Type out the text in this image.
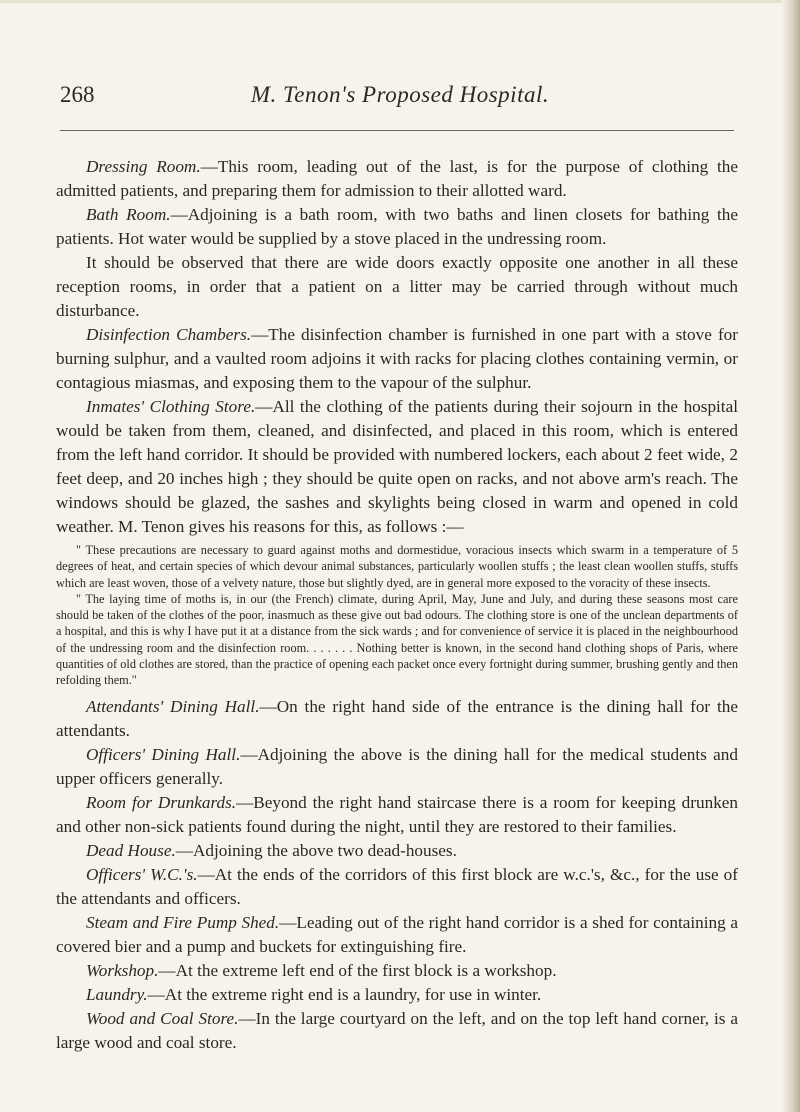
268	M. Tenon's Proposed Hospital.

Dressing Room.—This room, leading out of the last, is for the purpose of clothing the admitted patients, and preparing them for admission to their allotted ward.

Bath Room.—Adjoining is a bath room, with two baths and linen closets for bathing the patients. Hot water would be supplied by a stove placed in the undressing room.

It should be observed that there are wide doors exactly opposite one another in all these reception rooms, in order that a patient on a litter may be carried through without much disturbance.

Disinfection Chambers.—The disinfection chamber is furnished in one part with a stove for burning sulphur, and a vaulted room adjoins it with racks for placing clothes containing vermin, or contagious miasmas, and exposing them to the vapour of the sulphur.

Inmates' Clothing Store.—All the clothing of the patients during their sojourn in the hospital would be taken from them, cleaned, and disinfected, and placed in this room, which is entered from the left hand corridor. It should be provided with numbered lockers, each about 2 feet wide, 2 feet deep, and 20 inches high ; they should be quite open on racks, and not above arm's reach. The windows should be glazed, the sashes and skylights being closed in warm and opened in cold weather. M. Tenon gives his reasons for this, as follows :—

" These precautions are necessary to guard against moths and dormestidue, voracious insects which swarm in a temperature of 5 degrees of heat, and certain species of which devour animal substances, particularly woollen stuffs ; the least clean woollen stuffs, stuffs which are least woven, those of a velvety nature, those but slightly dyed, are in general more exposed to the voracity of these insects.

" The laying time of moths is, in our (the French) climate, during April, May, June and July, and during these seasons most care should be taken of the clothes of the poor, inasmuch as these give out bad odours. The clothing store is one of the unclean departments of a hospital, and this is why I have put it at a distance from the sick wards ; and for convenience of service it is placed in the neighbourhood of the undressing room and the disinfection room. . . . . . . Nothing better is known, in the second hand clothing shops of Paris, where quantities of old clothes are stored, than the practice of opening each packet once every fortnight during summer, brushing gently and then refolding them."

Attendants' Dining Hall.—On the right hand side of the entrance is the dining hall for the attendants.

Officers' Dining Hall.—Adjoining the above is the dining hall for the medical students and upper officers generally.

Room for Drunkards.—Beyond the right hand staircase there is a room for keeping drunken and other non-sick patients found during the night, until they are restored to their families.

Dead House.—Adjoining the above two dead-houses.

Officers' W.C.'s.—At the ends of the corridors of this first block are w.c.'s, &c., for the use of the attendants and officers.

Steam and Fire Pump Shed.—Leading out of the right hand corridor is a shed for containing a covered bier and a pump and buckets for extinguishing fire.

Workshop.—At the extreme left end of the first block is a workshop.

Laundry.—At the extreme right end is a laundry, for use in winter.

Wood and Coal Store.—In the large courtyard on the left, and on the top left hand corner, is a large wood and coal store.
